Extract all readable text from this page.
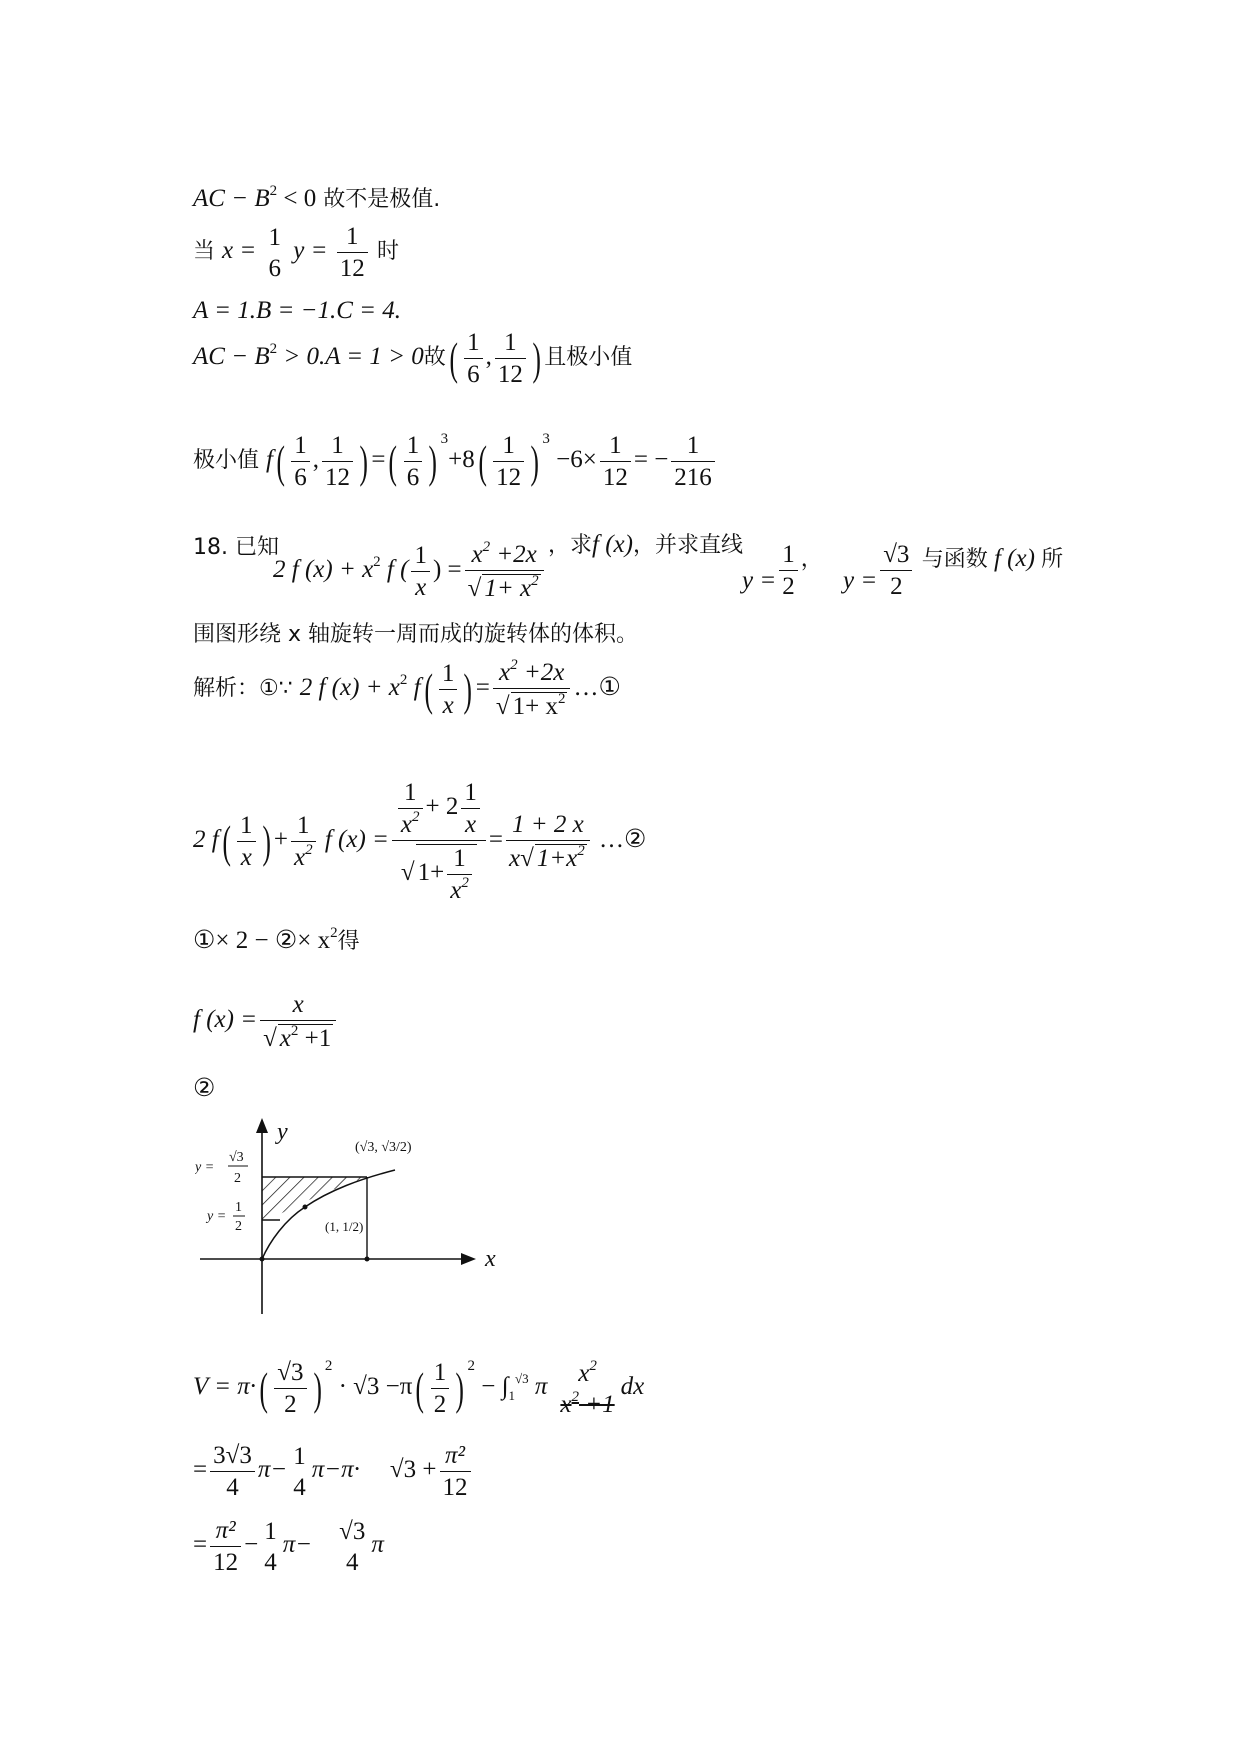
AC − $B^2 < 0$ 故不是极值.
当 x =
1
6
$y = \frac{1}{12}$ 时
A = 1.B = −1.C = 4.
AC − $B^2 > 0.A = 1 > 0$故( $\frac{1}{6}$ , $\frac{1}{12}$ ) 且极小值
极小值 $f( \frac{1}{6}$ , $\frac{1}{12}$ ) =( $\frac{1}{6}$ ) $^3+8( \frac{1}{12}$ ) $^3 -6\times \frac{1}{12}$ = − $\frac{1}{216}$
18. 已知
2 f $(x) + x^2$ f ( $\frac{1}{x}$ ) = $\frac{x^2 +2x}{√ 1+ x^2}$ ，求f (x)，并求直线
$y = \frac{1}{2}$ ， $y = \frac{√3}{2}$ 与函数 f (x) 所
围图形绕 x 轴旋转一周而成的旋转体的体积。
解析：①∵ 2 f $(x) + x^2$ $f( \frac{1}{x}$ ) = $\frac{x^2 +2x}{√ 1+ x^2}$ …①
2 $f( \frac{1}{x}$ ) + $\frac{1}{x^2}$ f $(x) = \frac{\frac{1}{x^2} + 2 \frac{1}{x}}{√ 1+ \frac{1}{x^2}} = \frac{1 + 2 x}{x√ 1+x^2}$ …②
①× 2 − ②× $x^2$得
f $(x) = \frac{x}{√ x^2 +1}$
②
y
x
y =
√3
2
y =
1
2
(√3, √3/2)
(1, 1/2)
$V = \pi\cdot( \frac{√3}{2}$ ) $^2 \cdot √3 -\pi( \frac{1}{2}$ ) $^2 - \int_1^{√3}$ π
$x^2$
$x^2 +1$
dx
= $\frac{3√3}{4} \pi-$
1
4
$\pi-\pi\cdot √3 + \frac{\text{π²}}{12}$
= $\frac{\text{π²}}{12}$ −
1
4
π−
√3
4
π
